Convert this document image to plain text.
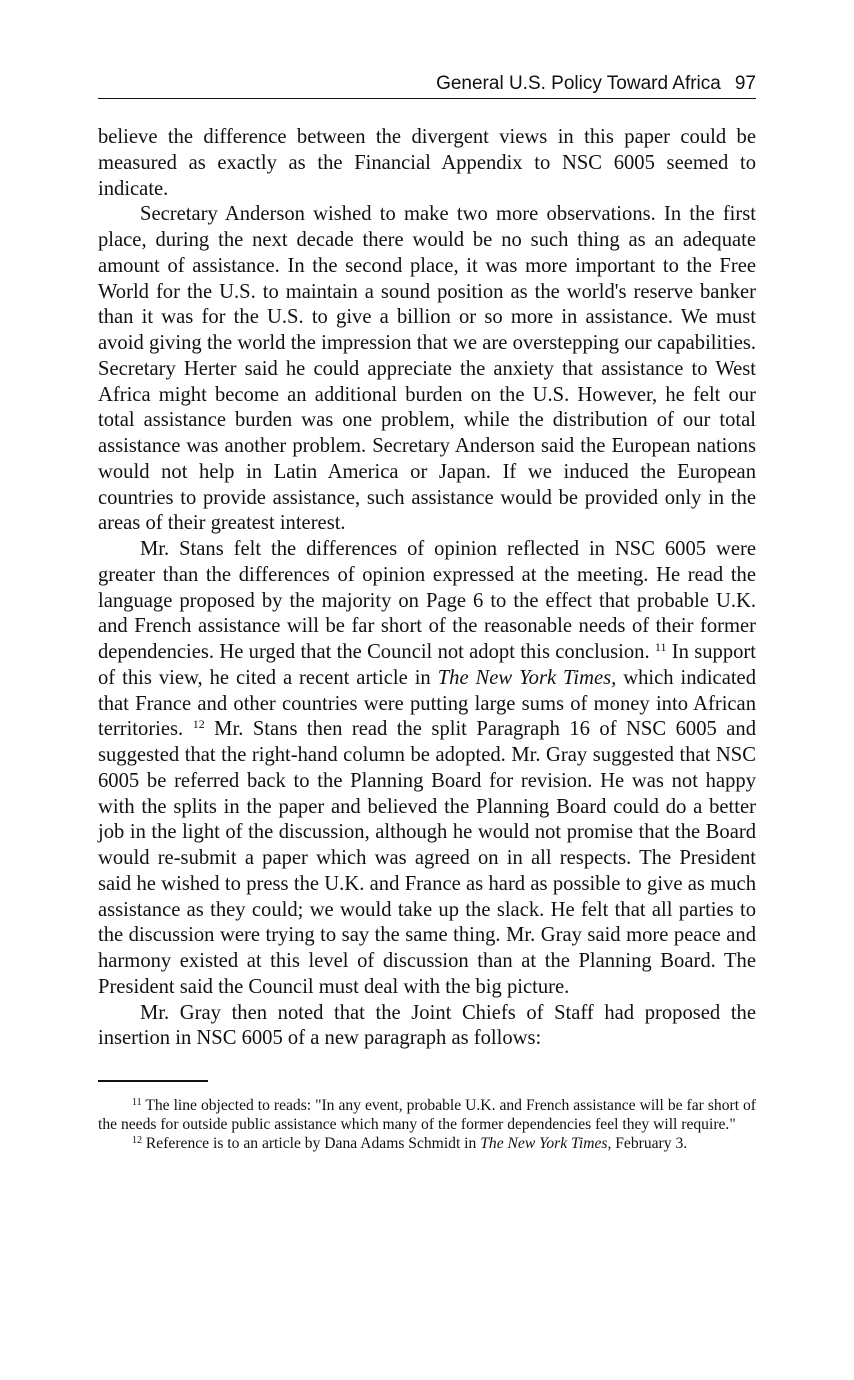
General U.S. Policy Toward Africa 97

believe the difference between the divergent views in this paper could be measured as exactly as the Financial Appendix to NSC 6005 seemed to indicate.

Secretary Anderson wished to make two more observations. In the first place, during the next decade there would be no such thing as an adequate amount of assistance. In the second place, it was more important to the Free World for the U.S. to maintain a sound position as the world's reserve banker than it was for the U.S. to give a billion or so more in assistance. We must avoid giving the world the impression that we are overstepping our capabilities. Secretary Herter said he could appreciate the anxiety that assistance to West Africa might become an additional burden on the U.S. However, he felt our total assistance burden was one problem, while the distribution of our total assistance was another problem. Secretary Anderson said the European nations would not help in Latin America or Japan. If we induced the European countries to provide assistance, such assistance would be provided only in the areas of their greatest interest.

Mr. Stans felt the differences of opinion reflected in NSC 6005 were greater than the differences of opinion expressed at the meeting. He read the language proposed by the majority on Page 6 to the effect that probable U.K. and French assistance will be far short of the reasonable needs of their former dependencies. He urged that the Council not adopt this conclusion. $^{11}$ In support of this view, he cited a recent article in The New York Times, which indicated that France and other countries were putting large sums of money into African territories. $^{12}$ Mr. Stans then read the split Paragraph 16 of NSC 6005 and suggested that the right-hand column be adopted. Mr. Gray suggested that NSC 6005 be referred back to the Planning Board for revision. He was not happy with the splits in the paper and believed the Planning Board could do a better job in the light of the discussion, although he would not promise that the Board would re-submit a paper which was agreed on in all respects. The President said he wished to press the U.K. and France as hard as possible to give as much assistance as they could; we would take up the slack. He felt that all parties to the discussion were trying to say the same thing. Mr. Gray said more peace and harmony existed at this level of discussion than at the Planning Board. The President said the Council must deal with the big picture.

Mr. Gray then noted that the Joint Chiefs of Staff had proposed the insertion in NSC 6005 of a new paragraph as follows:

$^{11}$ The line objected to reads: "In any event, probable U.K. and French assistance will be far short of the needs for outside public assistance which many of the former dependencies feel they will require."

$^{12}$ Reference is to an article by Dana Adams Schmidt in The New York Times, February 3.
